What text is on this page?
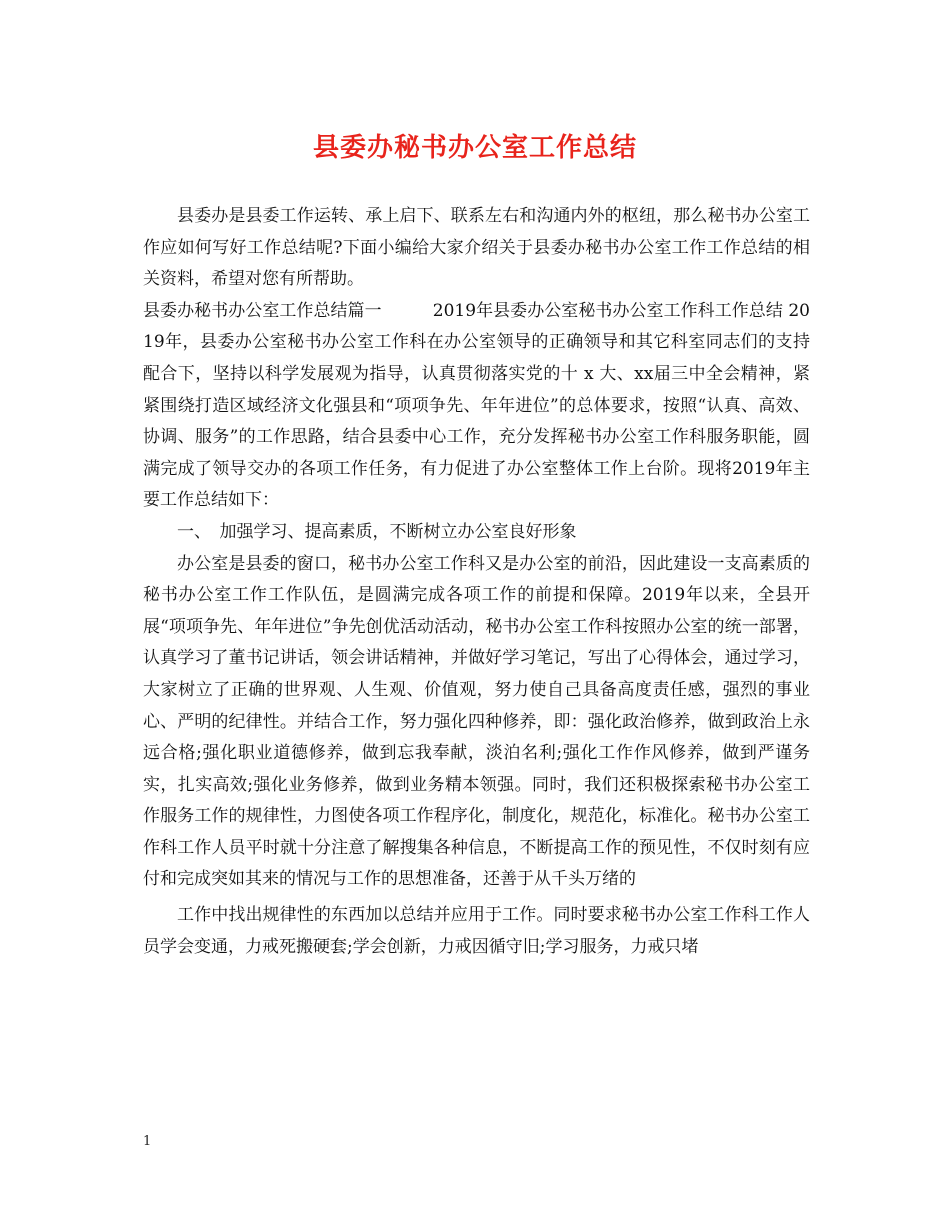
县委办秘书办公室工作总结

县委办是县委工作运转、承上启下、联系左右和沟通内外的枢纽，那么秘书办公室工作应如何写好工作总结呢?下面小编给大家介绍关于县委办秘书办公室工作工作总结的相关资料，希望对您有所帮助。

县委办秘书办公室工作总结篇一　　　2019年县委办公室秘书办公室工作科工作总结 2019年，县委办公室秘书办公室工作科在办公室领导的正确领导和其它科室同志们的支持配合下，坚持以科学发展观为指导，认真贯彻落实党的十 x 大、xx届三中全会精神，紧紧围绕打造区域经济文化强县和“项项争先、年年进位”的总体要求，按照“认真、高效、协调、服务”的工作思路，结合县委中心工作，充分发挥秘书办公室工作科服务职能，圆满完成了领导交办的各项工作任务，有力促进了办公室整体工作上台阶。现将2019年主要工作总结如下：

一、　加强学习、提高素质，不断树立办公室良好形象

办公室是县委的窗口，秘书办公室工作科又是办公室的前沿，因此建设一支高素质的秘书办公室工作工作队伍，是圆满完成各项工作的前提和保障。2019年以来，全县开展“项项争先、年年进位”争先创优活动活动，秘书办公室工作科按照办公室的统一部署，认真学习了董书记讲话，领会讲话精神，并做好学习笔记，写出了心得体会，通过学习，大家树立了正确的世界观、人生观、价值观，努力使自己具备高度责任感，强烈的事业心、严明的纪律性。并结合工作，努力强化四种修养，即：强化政治修养，做到政治上永远合格;强化职业道德修养，做到忘我奉献，淡泊名利;强化工作作风修养，做到严谨务实，扎实高效;强化业务修养，做到业务精本领强。同时，我们还积极探索秘书办公室工作服务工作的规律性，力图使各项工作程序化，制度化，规范化，标准化。秘书办公室工作科工作人员平时就十分注意了解搜集各种信息，不断提高工作的预见性，不仅时刻有应付和完成突如其来的情况与工作的思想准备，还善于从千头万绪的

工作中找出规律性的东西加以总结并应用于工作。同时要求秘书办公室工作科工作人员学会变通，力戒死搬硬套;学会创新，力戒因循守旧;学习服务，力戒只堵

1
